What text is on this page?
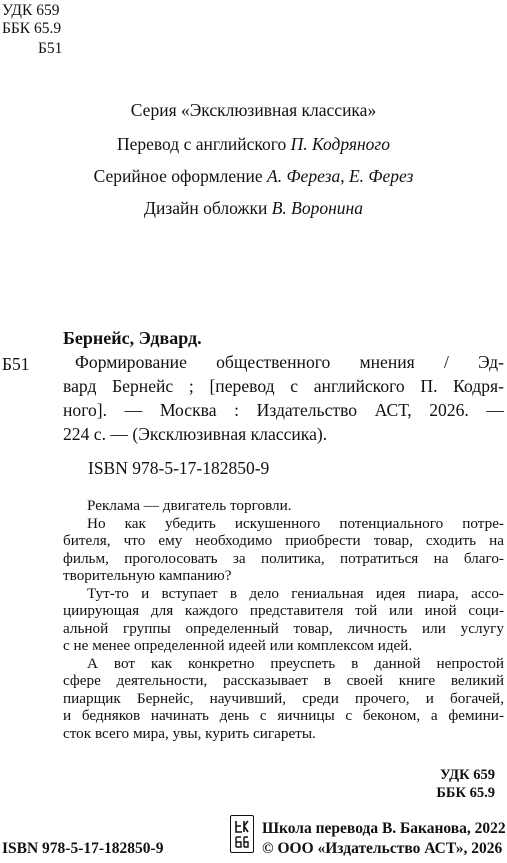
УДК 659
ББК 65.9
Б51
Серия «Эксклюзивная классика»
Перевод с английского П. Кодряного
Серийное оформление А. Фереза, Е. Ферез
Дизайн обложки В. Воронина
Бернейс, Эдвард.
Б51	Формирование общественного мнения / Эд-
вард Бернейс ; [перевод с английского П. Кодря-
ного]. — Москва : Издательство АСТ, 2026. —
224 с. — (Эксклюзивная классика).
ISBN 978-5-17-182850-9
Реклама — двигатель торговли.
Но как убедить искушенного потенциального потре-
бителя, что ему необходимо приобрести товар, сходить на
фильм, проголосовать за политика, потратиться на благо-
творительную кампанию?
Тут-то и вступает в дело гениальная идея пиара, ассо-
циирующая для каждого представителя той или иной соци-
альной группы определенный товар, личность или услугу
с не менее определенной идеей или комплексом идей.
А вот как конкретно преуспеть в данной непростой
сфере деятельности, рассказывает в своей книге великий
пиарщик Бернейс, научивший, среди прочего, и богачей,
и бедняков начинать день с яичницы с беконом, а фемини-
сток всего мира, увы, курить сигареты.
УДК 659
ББК 65.9
ISBN 978-5-17-182850-9
Школа перевода В. Баканова, 2022
© ООО «Издательство АСТ», 2026
